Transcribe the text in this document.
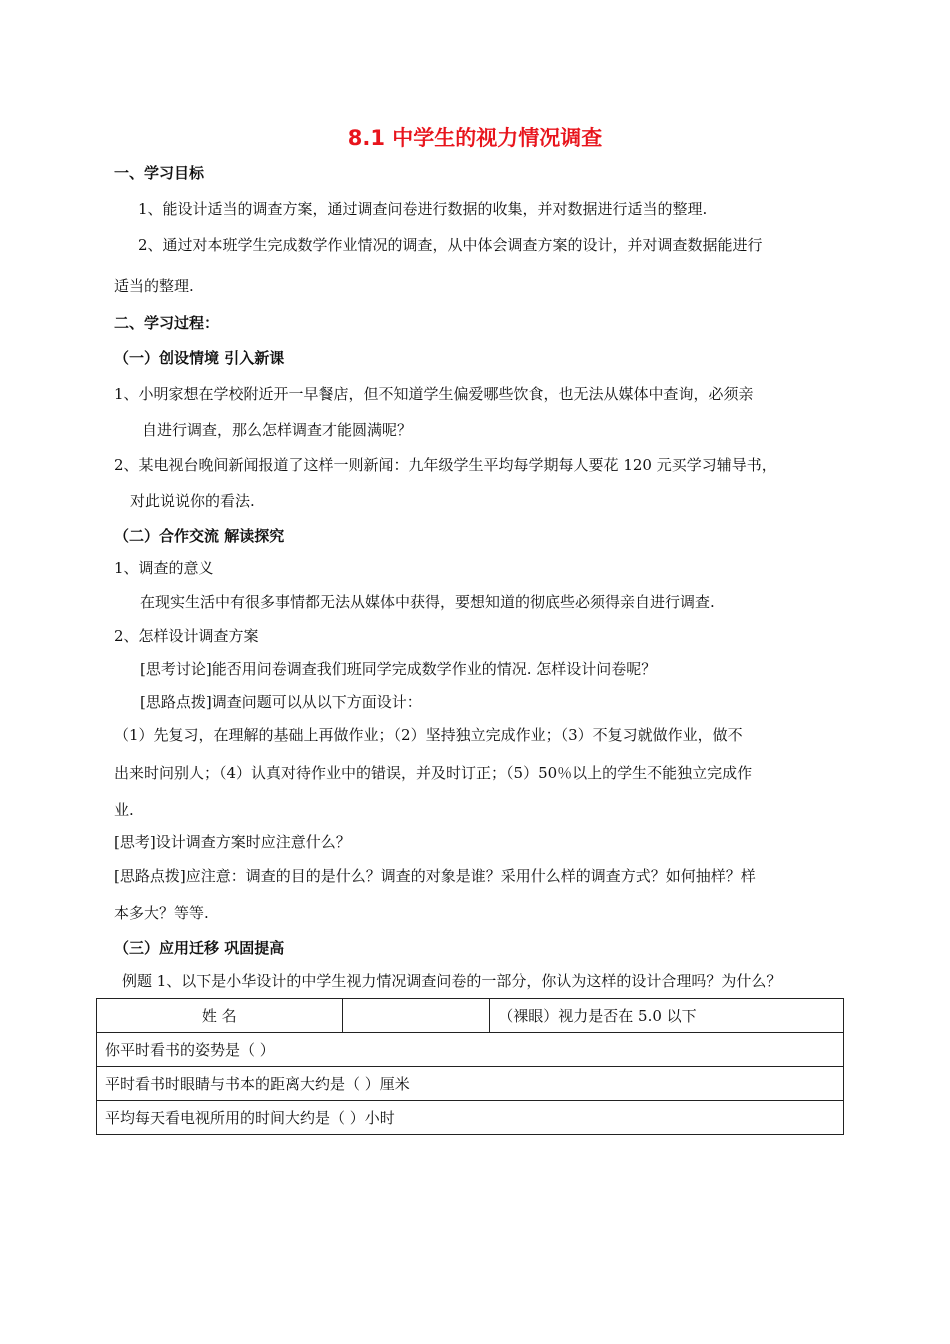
8.1 中学生的视力情况调查
一、学习目标
1、能设计适当的调查方案，通过调查问卷进行数据的收集，并对数据进行适当的整理.
2、通过对本班学生完成数学作业情况的调查，从中体会调查方案的设计，并对调查数据能进行
适当的整理.
二、学习过程：
（一）创设情境 引入新课
1、小明家想在学校附近开一早餐店，但不知道学生偏爱哪些饮食，也无法从媒体中查询，必须亲
自进行调查，那么怎样调查才能圆满呢？
2、某电视台晚间新闻报道了这样一则新闻：九年级学生平均每学期每人要花 120 元买学习辅导书，
对此说说你的看法.
（二）合作交流 解读探究
1、调查的意义
在现实生活中有很多事情都无法从媒体中获得，要想知道的彻底些必须得亲自进行调查.
2、怎样设计调查方案
[思考讨论]能否用问卷调查我们班同学完成数学作业的情况. 怎样设计问卷呢？
[思路点拨]调查问题可以从以下方面设计：
（1）先复习，在理解的基础上再做作业；（2）坚持独立完成作业；（3）不复习就做作业，做不
出来时问别人；（4）认真对待作业中的错误，并及时订正；（5）50％以上的学生不能独立完成作
业.
[思考]设计调查方案时应注意什么？
[思路点拨]应注意：调查的目的是什么？调查的对象是谁？采用什么样的调查方式？如何抽样？样
本多大？等等.
（三）应用迁移 巩固提高
例题 1、以下是小华设计的中学生视力情况调查问卷的一部分，你认为这样的设计合理吗？为什么？
姓 名		（裸眼）视力是否在 5.0 以下
你平时看书的姿势是（ ）
平时看书时眼睛与书本的距离大约是（ ）厘米
平均每天看电视所用的时间大约是（ ）小时
